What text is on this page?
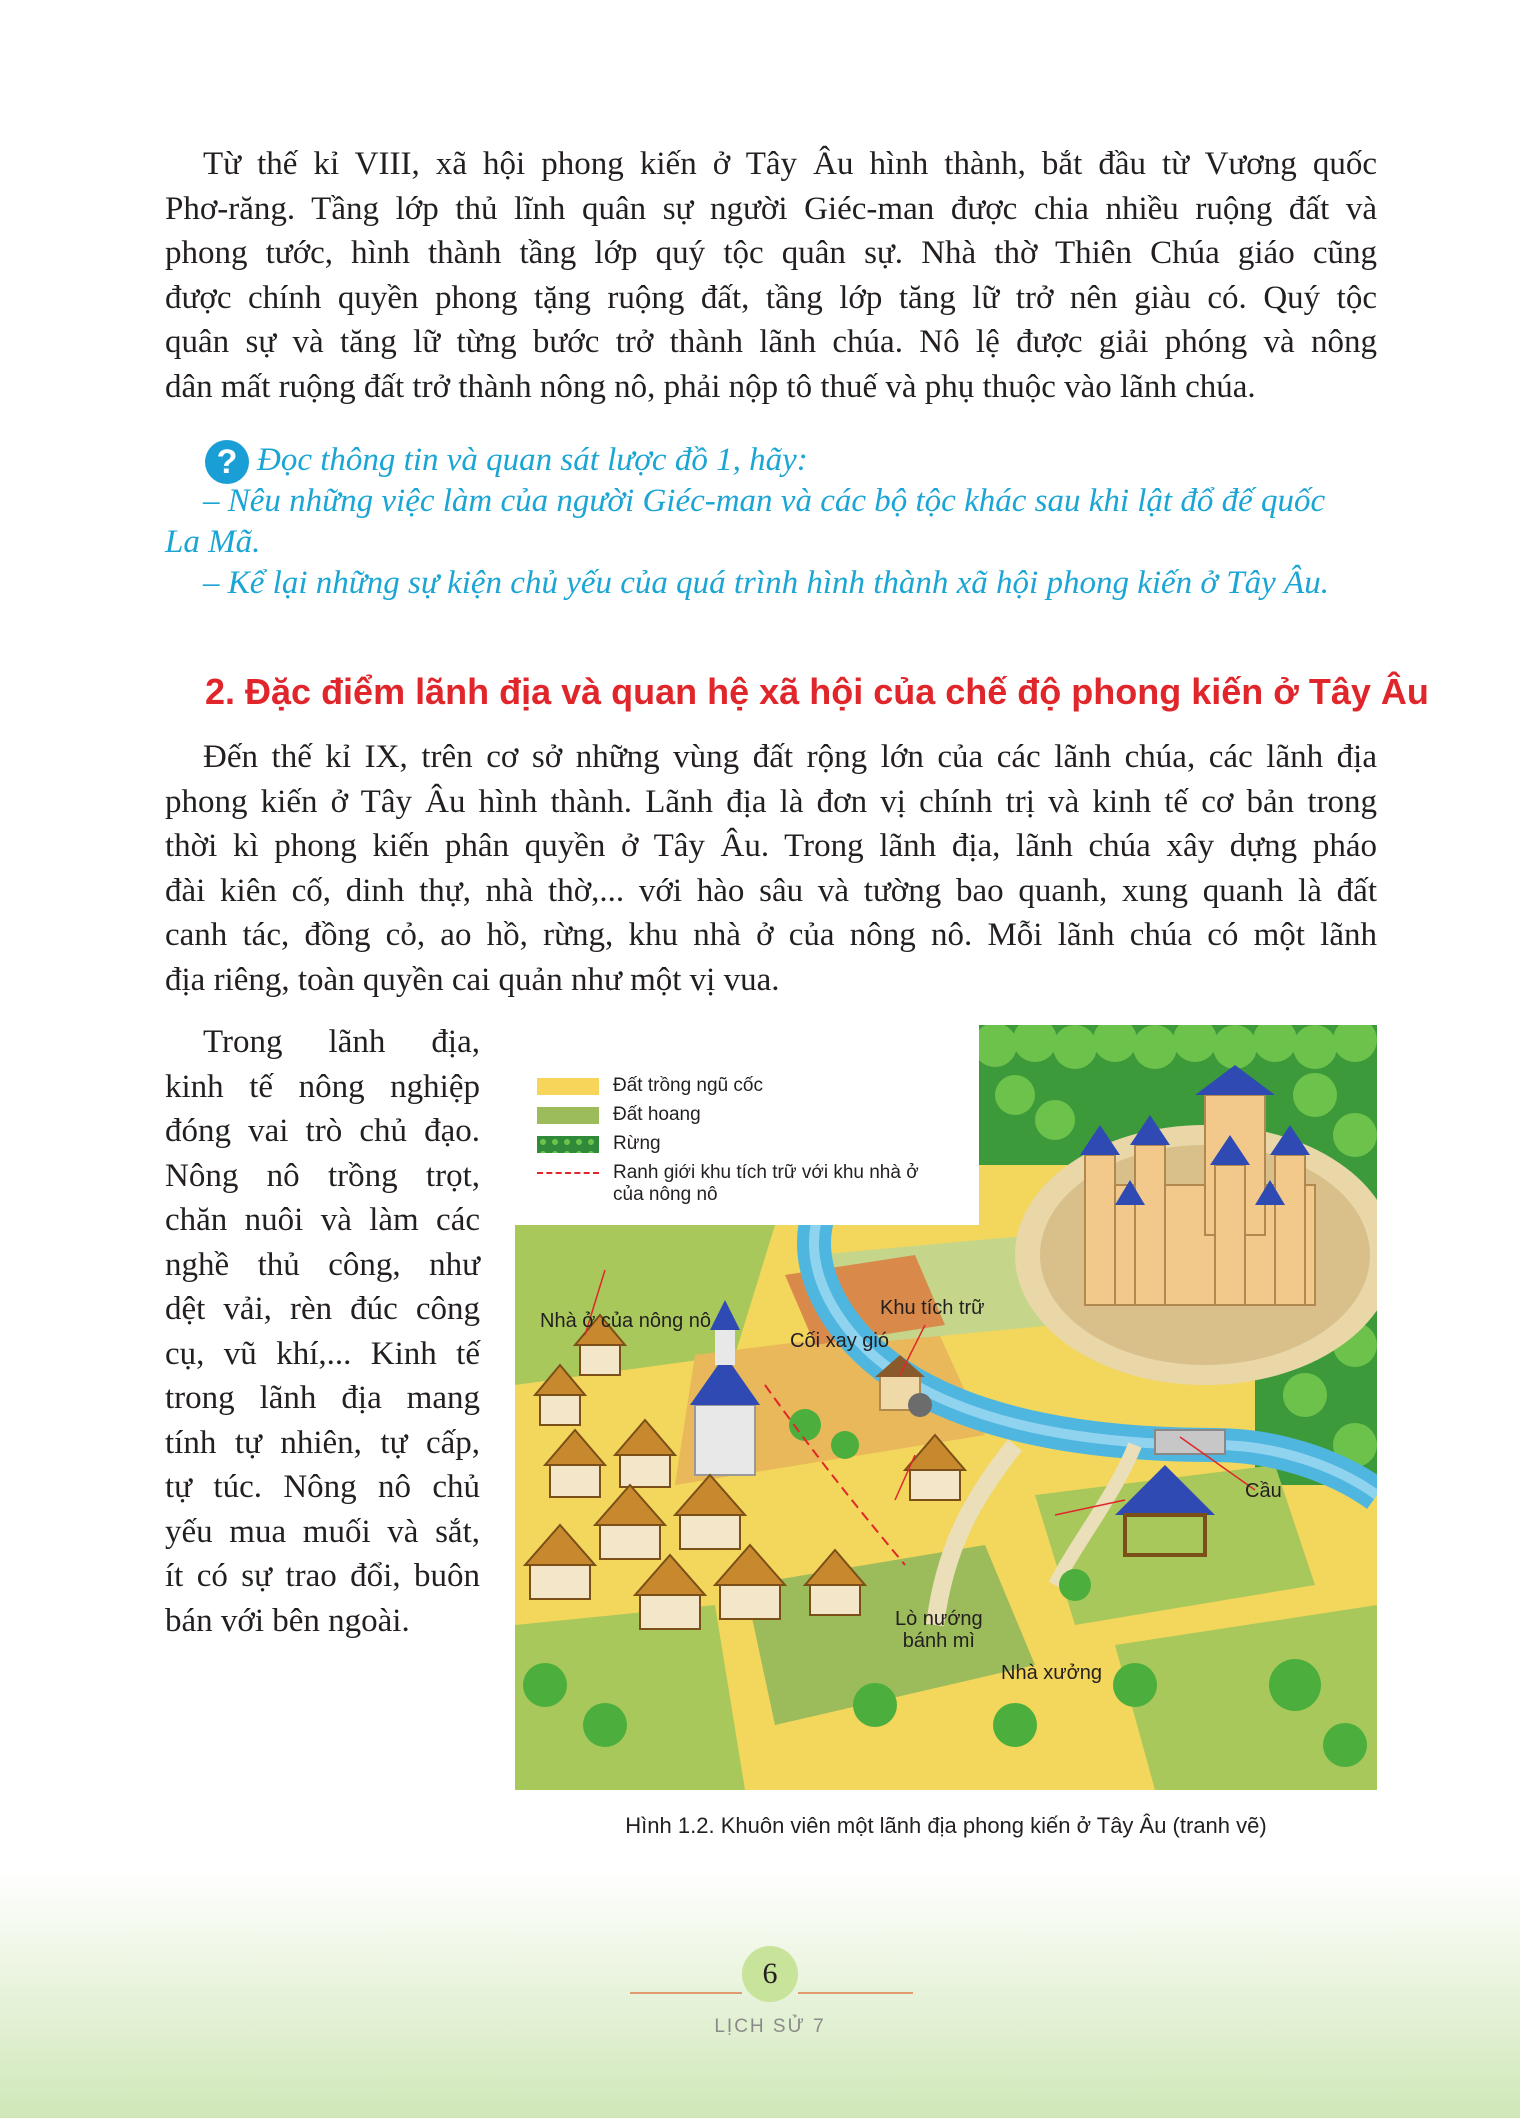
Từ thế kỉ VIII, xã hội phong kiến ở Tây Âu hình thành, bắt đầu từ Vương quốc
Phơ-răng. Tầng lớp thủ lĩnh quân sự người Giéc-man được chia nhiều ruộng đất và
phong tước, hình thành tầng lớp quý tộc quân sự. Nhà thờ Thiên Chúa giáo cũng
được chính quyền phong tặng ruộng đất, tầng lớp tăng lữ trở nên giàu có. Quý tộc
quân sự và tăng lữ từng bước trở thành lãnh chúa. Nô lệ được giải phóng và nông
dân mất ruộng đất trở thành nông nô, phải nộp tô thuế và phụ thuộc vào lãnh chúa.
? Đọc thông tin và quan sát lược đồ 1, hãy:
– Nêu những việc làm của người Giéc-man và các bộ tộc khác sau khi lật đổ đế quốc
La Mã.
– Kể lại những sự kiện chủ yếu của quá trình hình thành xã hội phong kiến ở Tây Âu.
2. Đặc điểm lãnh địa và quan hệ xã hội của chế độ phong kiến ở Tây Âu
Đến thế kỉ IX, trên cơ sở những vùng đất rộng lớn của các lãnh chúa, các lãnh địa
phong kiến ở Tây Âu hình thành. Lãnh địa là đơn vị chính trị và kinh tế cơ bản trong
thời kì phong kiến phân quyền ở Tây Âu. Trong lãnh địa, lãnh chúa xây dựng pháo
đài kiên cố, dinh thự, nhà thờ,... với hào sâu và tường bao quanh, xung quanh là đất
canh tác, đồng cỏ, ao hồ, rừng, khu nhà ở của nông nô. Mỗi lãnh chúa có một lãnh
địa riêng, toàn quyền cai quản như một vị vua.
Trong lãnh địa,
kinh tế nông nghiệp
đóng vai trò chủ đạo.
Nông nô trồng trọt,
chăn nuôi và làm các
nghề thủ công, như
dệt vải, rèn đúc công
cụ, vũ khí,... Kinh tế
trong lãnh địa mang
tính tự nhiên, tự cấp,
tự túc. Nông nô chủ
yếu mua muối và sắt,
ít có sự trao đổi, buôn
bán với bên ngoài.
Đất trồng ngũ cốc
Đất hoang
Rừng
Ranh giới khu tích trữ với khu nhà ở
của nông nô
Nhà ở của nông nô
Khu tích trữ
Cối xay gió
Cầu
Lò nướng
bánh mì
Nhà xưởng
Hình 1.2. Khuôn viên một lãnh địa phong kiến ở Tây Âu (tranh vẽ)
6
LỊCH SỬ 7
